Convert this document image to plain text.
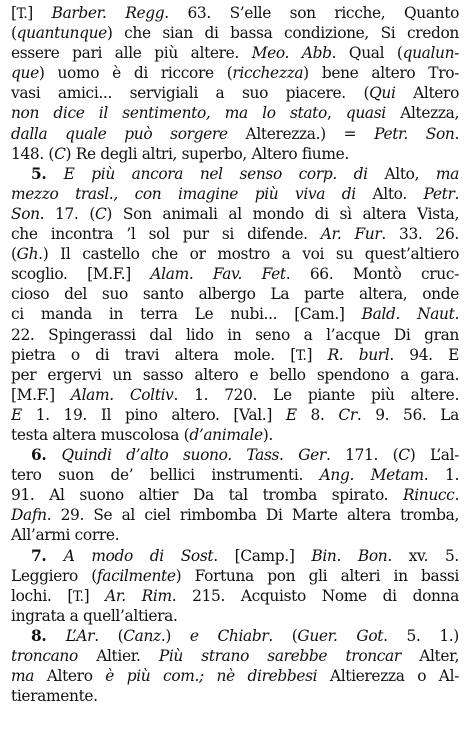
[T.] Barber. Regg. 63. S’elle son ricche, Quanto
(quantunque) che sian di bassa condizione, Si credon
essere pari alle più altere. Meo. Abb. Qual (qualun-
que) uomo è di riccore (ricchezza) bene altero Tro-
vasi amici... servigiali a suo piacere. (Qui Altero
non dice il sentimento, ma lo stato, quasi Altezza,
dalla quale può sorgere Alterezza.) = Petr. Son.
148. (C) Re degli altri, superbo, Altero fiume.
5. E più ancora nel senso corp. di Alto, ma
mezzo trasl., con imagine più viva di Alto. Petr.
Son. 17. (C) Son animali al mondo di sì altera Vista,
che incontra ’l sol pur si difende. Ar. Fur. 33. 26.
(Gh.) Il castello che or mostro a voi su quest’altiero
scoglio. [M.F.] Alam. Fav. Fet. 66. Montò cruc-
cioso del suo santo albergo La parte altera, onde
ci manda in terra Le nubi... [Cam.] Bald. Naut.
22. Spingerassi dal lido in seno a l’acque Di gran
pietra o di travi altera mole. [T.] R. burl. 94. E
per ergervi un sasso altero e bello spendono a gara.
[M.F.] Alam. Coltiv. 1. 720. Le piante più altere.
E 1. 19. Il pino altero. [Val.] E 8. Cr. 9. 56. La
testa altera muscolosa (d’animale).
6. Quindi d’alto suono. Tass. Ger. 171. (C) L’al-
tero suon de’ bellici instrumenti. Ang. Metam. 1.
91. Al suono altier Da tal tromba spirato. Rinucc.
Dafn. 29. Se al ciel rimbomba Di Marte altera tromba,
All’armi corre.
7. A modo di Sost. [Camp.] Bin. Bon. xv. 5.
Leggiero (facilmente) Fortuna pon gli alteri in bassi
lochi. [T.] Ar. Rim. 215. Acquisto Nome di donna
ingrata a quell’altiera.
8. L’Ar. (Canz.) e Chiabr. (Guer. Got. 5. 1.)
troncano Altier. Più strano sarebbe troncar Alter,
ma Altero è più com.; nè direbbesi Altierezza o Al-
tieramente.
